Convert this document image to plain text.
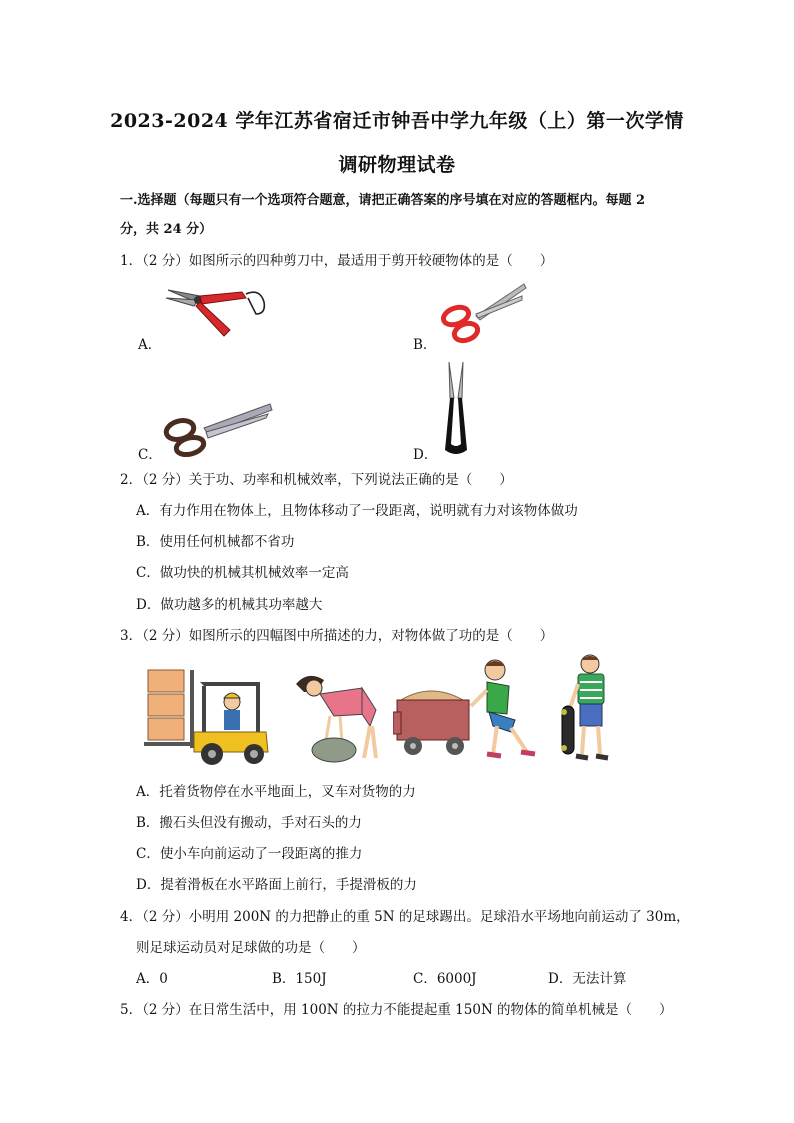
2023-2024 学年江苏省宿迁市钟吾中学九年级（上）第一次学情
调研物理试卷
一.选择题（每题只有一个选项符合题意，请把正确答案的序号填在对应的答题框内。每题 2
分，共 24 分）
1．（2 分）如图所示的四种剪刀中，最适用于剪开较硬物体的是（　　）
A．	B．
C．	D．
2．（2 分）关于功、功率和机械效率，下列说法正确的是（　　）
A．有力作用在物体上，且物体移动了一段距离，说明就有力对该物体做功
B．使用任何机械都不省功
C．做功快的机械其机械效率一定高
D．做功越多的机械其功率越大
3．（2 分）如图所示的四幅图中所描述的力，对物体做了功的是（　　）
A．托着货物停在水平地面上，叉车对货物的力
B．搬石头但没有搬动，手对石头的力
C．使小车向前运动了一段距离的推力
D．提着滑板在水平路面上前行，手提滑板的力
4．（2 分）小明用 200N 的力把静止的重 5N 的足球踢出。足球沿水平场地向前运动了 30m，
则足球运动员对足球做的功是（　　）
A．0	B．150J	C．6000J	D．无法计算
5．（2 分）在日常生活中，用 100N 的拉力不能提起重 150N 的物体的简单机械是（　　）
